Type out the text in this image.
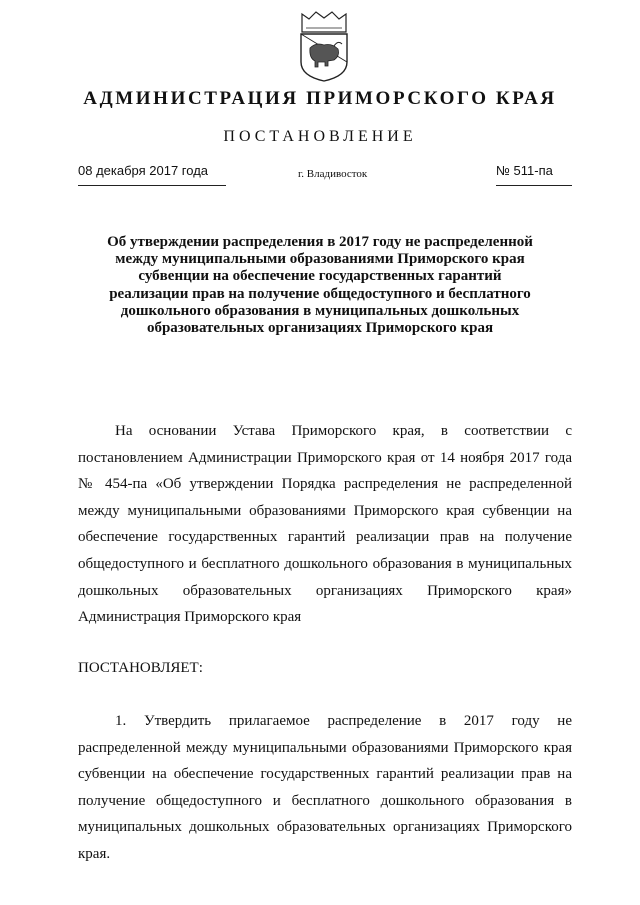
АДМИНИСТРАЦИЯ ПРИМОРСКОГО КРАЯ
ПОСТАНОВЛЕНИЕ
08 декабря 2017 года	г. Владивосток	№ 511-па
Об утверждении распределения в 2017 году не распределенной между муниципальными образованиями Приморского края субвенции на обеспечение государственных гарантий реализации прав на получение общедоступного и бесплатного дошкольного образования в муниципальных дошкольных образовательных организациях Приморского края

На основании Устава Приморского края, в соответствии с постановлением Администрации Приморского края от 14 ноября 2017 года № 454-па «Об утверждении Порядка распределения не распределенной между муниципальными образованиями Приморского края субвенции на обеспечение государственных гарантий реализации прав на получение общедоступного и бесплатного дошкольного образования в муниципальных дошкольных образовательных организациях Приморского края» Администрация Приморского края

ПОСТАНОВЛЯЕТ:

1. Утвердить прилагаемое распределение в 2017 году не распределенной между муниципальными образованиями Приморского края субвенции на обеспечение государственных гарантий реализации прав на получение общедоступного и бесплатного дошкольного образования в муниципальных дошкольных образовательных организациях Приморского края.
